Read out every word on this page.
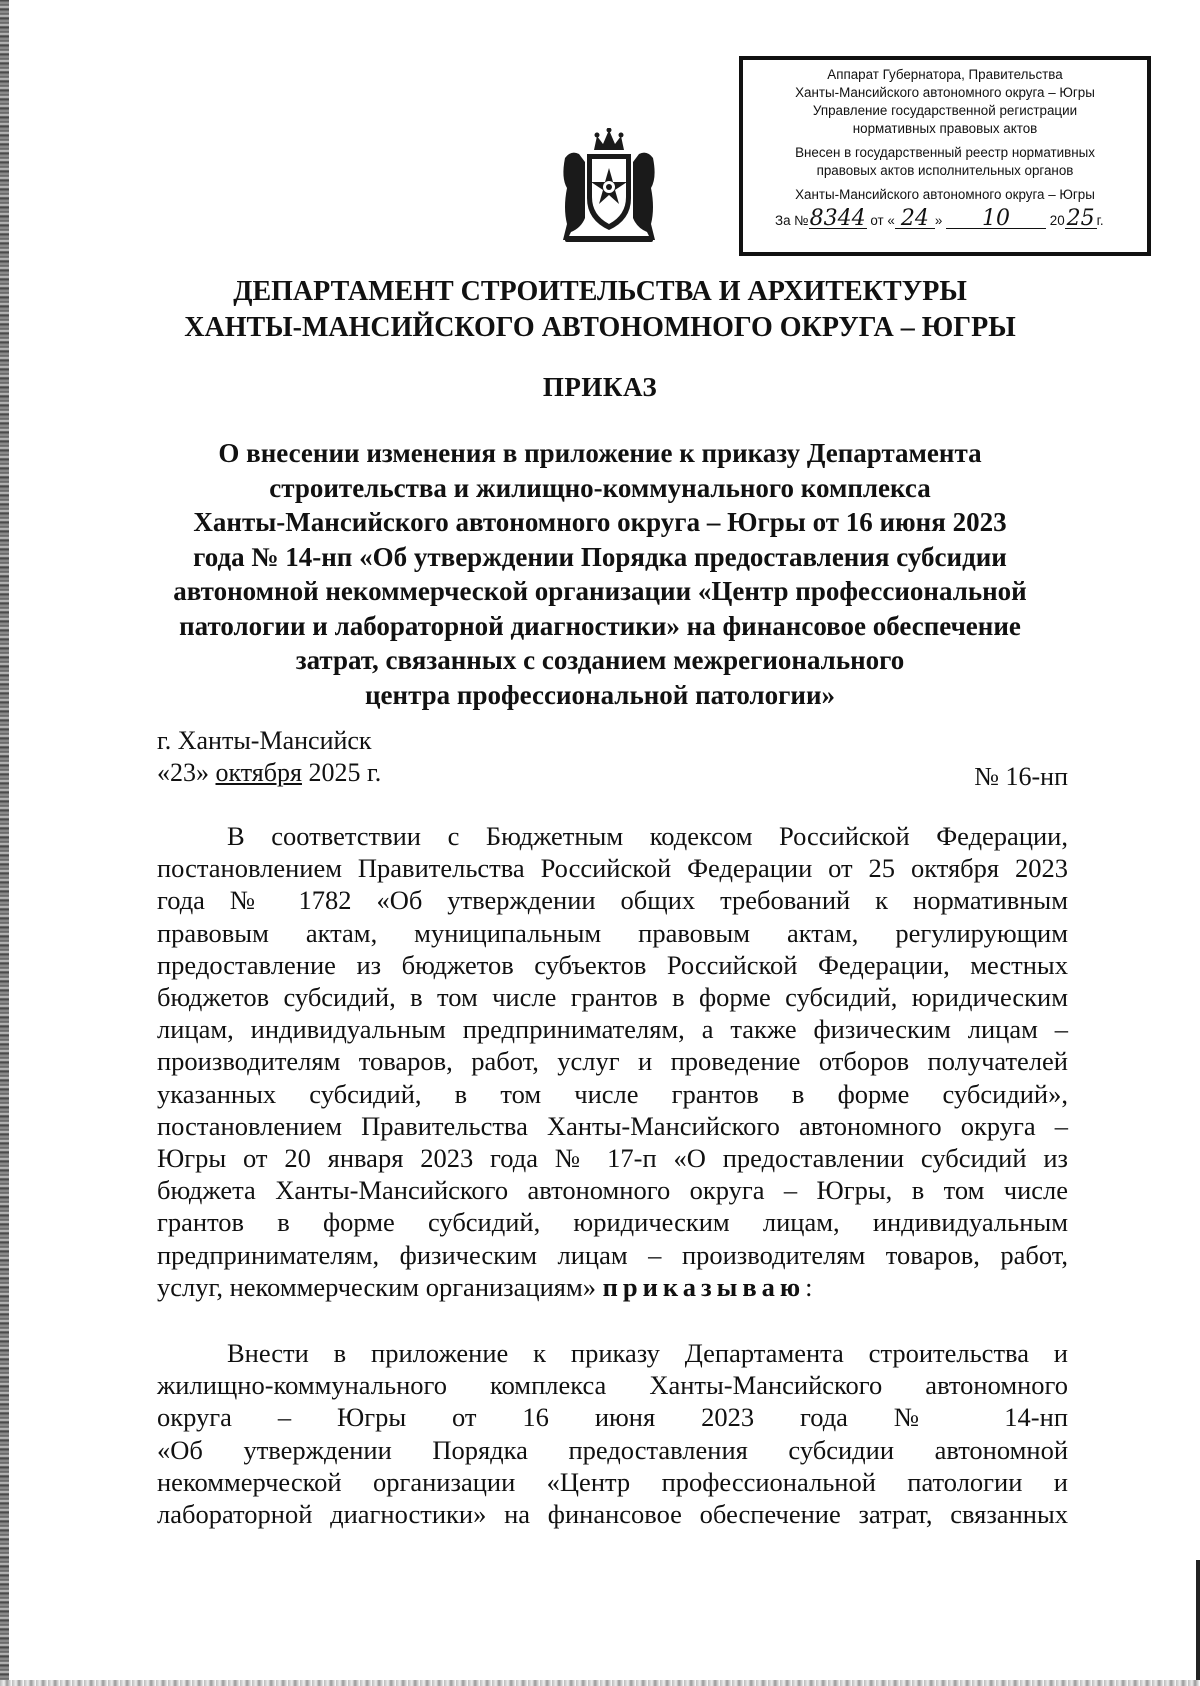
Аппарат Губернатора, Правительства
Ханты-Мансийского автономного округа – Югры
Управление государственной регистрации
нормативных правовых актов
Внесен в государственный реестр нормативных
правовых актов исполнительных органов
Ханты-Мансийского автономного округа – Югры
За №8344 от « 24 » 10	2025 г.
ДЕПАРТАМЕНТ СТРОИТЕЛЬСТВА И АРХИТЕКТУРЫ
ХАНТЫ-МАНСИЙСКОГО АВТОНОМНОГО ОКРУГА – ЮГРЫ
ПРИКАЗ
О внесении изменения в приложение к приказу Департамента
строительства и жилищно-коммунального комплекса
Ханты-Мансийского автономного округа – Югры от 16 июня 2023
года № 14-нп «Об утверждении Порядка предоставления субсидии
автономной некоммерческой организации «Центр профессиональной
патологии и лабораторной диагностики» на финансовое обеспечение
затрат, связанных с созданием межрегионального
центра профессиональной патологии»
г. Ханты-Мансийск
«23» октября 2025 г.	№ 16-нп
В соответствии с Бюджетным кодексом Российской Федерации,
постановлением Правительства Российской Федерации от 25 октября 2023
года № 1782 «Об утверждении общих требований к нормативным
правовым актам, муниципальным правовым актам, регулирующим
предоставление из бюджетов субъектов Российской Федерации, местных
бюджетов субсидий, в том числе грантов в форме субсидий, юридическим
лицам, индивидуальным предпринимателям, а также физическим лицам –
производителям товаров, работ, услуг и проведение отборов получателей
указанных субсидий, в том числе грантов в форме субсидий»,
постановлением Правительства Ханты-Мансийского автономного округа –
Югры от 20 января 2023 года № 17-п «О предоставлении субсидий из
бюджета Ханты-Мансийского автономного округа – Югры, в том числе
грантов в форме субсидий, юридическим лицам, индивидуальным
предпринимателям, физическим лицам – производителям товаров, работ,
услуг, некоммерческим организациям» приказываю:
Внести в приложение к приказу Департамента строительства и
жилищно-коммунального комплекса Ханты-Мансийского автономного
округа – Югры от 16 июня 2023 года № 14-нп
«Об утверждении Порядка предоставления субсидии автономной
некоммерческой организации «Центр профессиональной патологии и
лабораторной диагностики» на финансовое обеспечение затрат, связанных
